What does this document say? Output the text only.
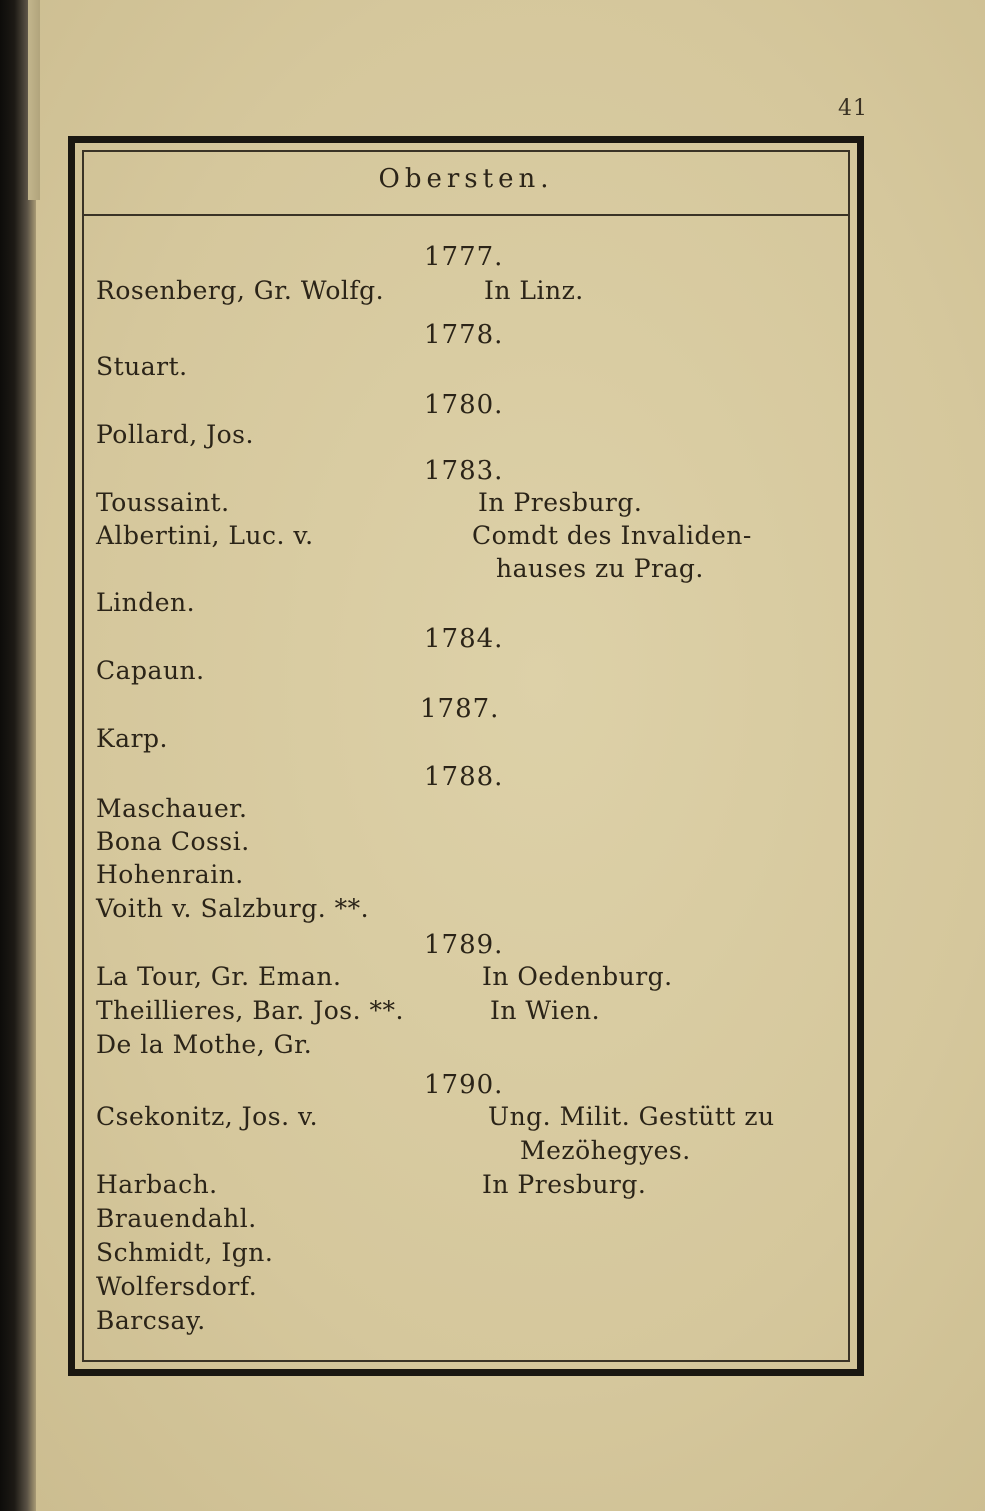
41
Obersten.
1777.
Rosenberg, Gr. Wolfg.	In Linz.
1778.
Stuart.
1780.
Pollard, Jos.
1783.
Toussaint.	In Presburg.
Albertini, Luc. v.	Comdt des Invaliden-
hauses zu Prag.
Linden.
1784.
Capaun.
1787.
Karp.
1788.
Maschauer.
Bona Cossi.
Hohenrain.
Voith v. Salzburg. **.
1789.
La Tour, Gr. Eman.	In Oedenburg.
Theillieres, Bar. Jos. **.	In Wien.
De la Mothe, Gr.
1790.
Csekonitz, Jos. v.	Ung. Milit. Gestütt zu
Mezöhegyes.
Harbach.	In Presburg.
Brauendahl.
Schmidt, Ign.
Wolfersdorf.
Barcsay.
